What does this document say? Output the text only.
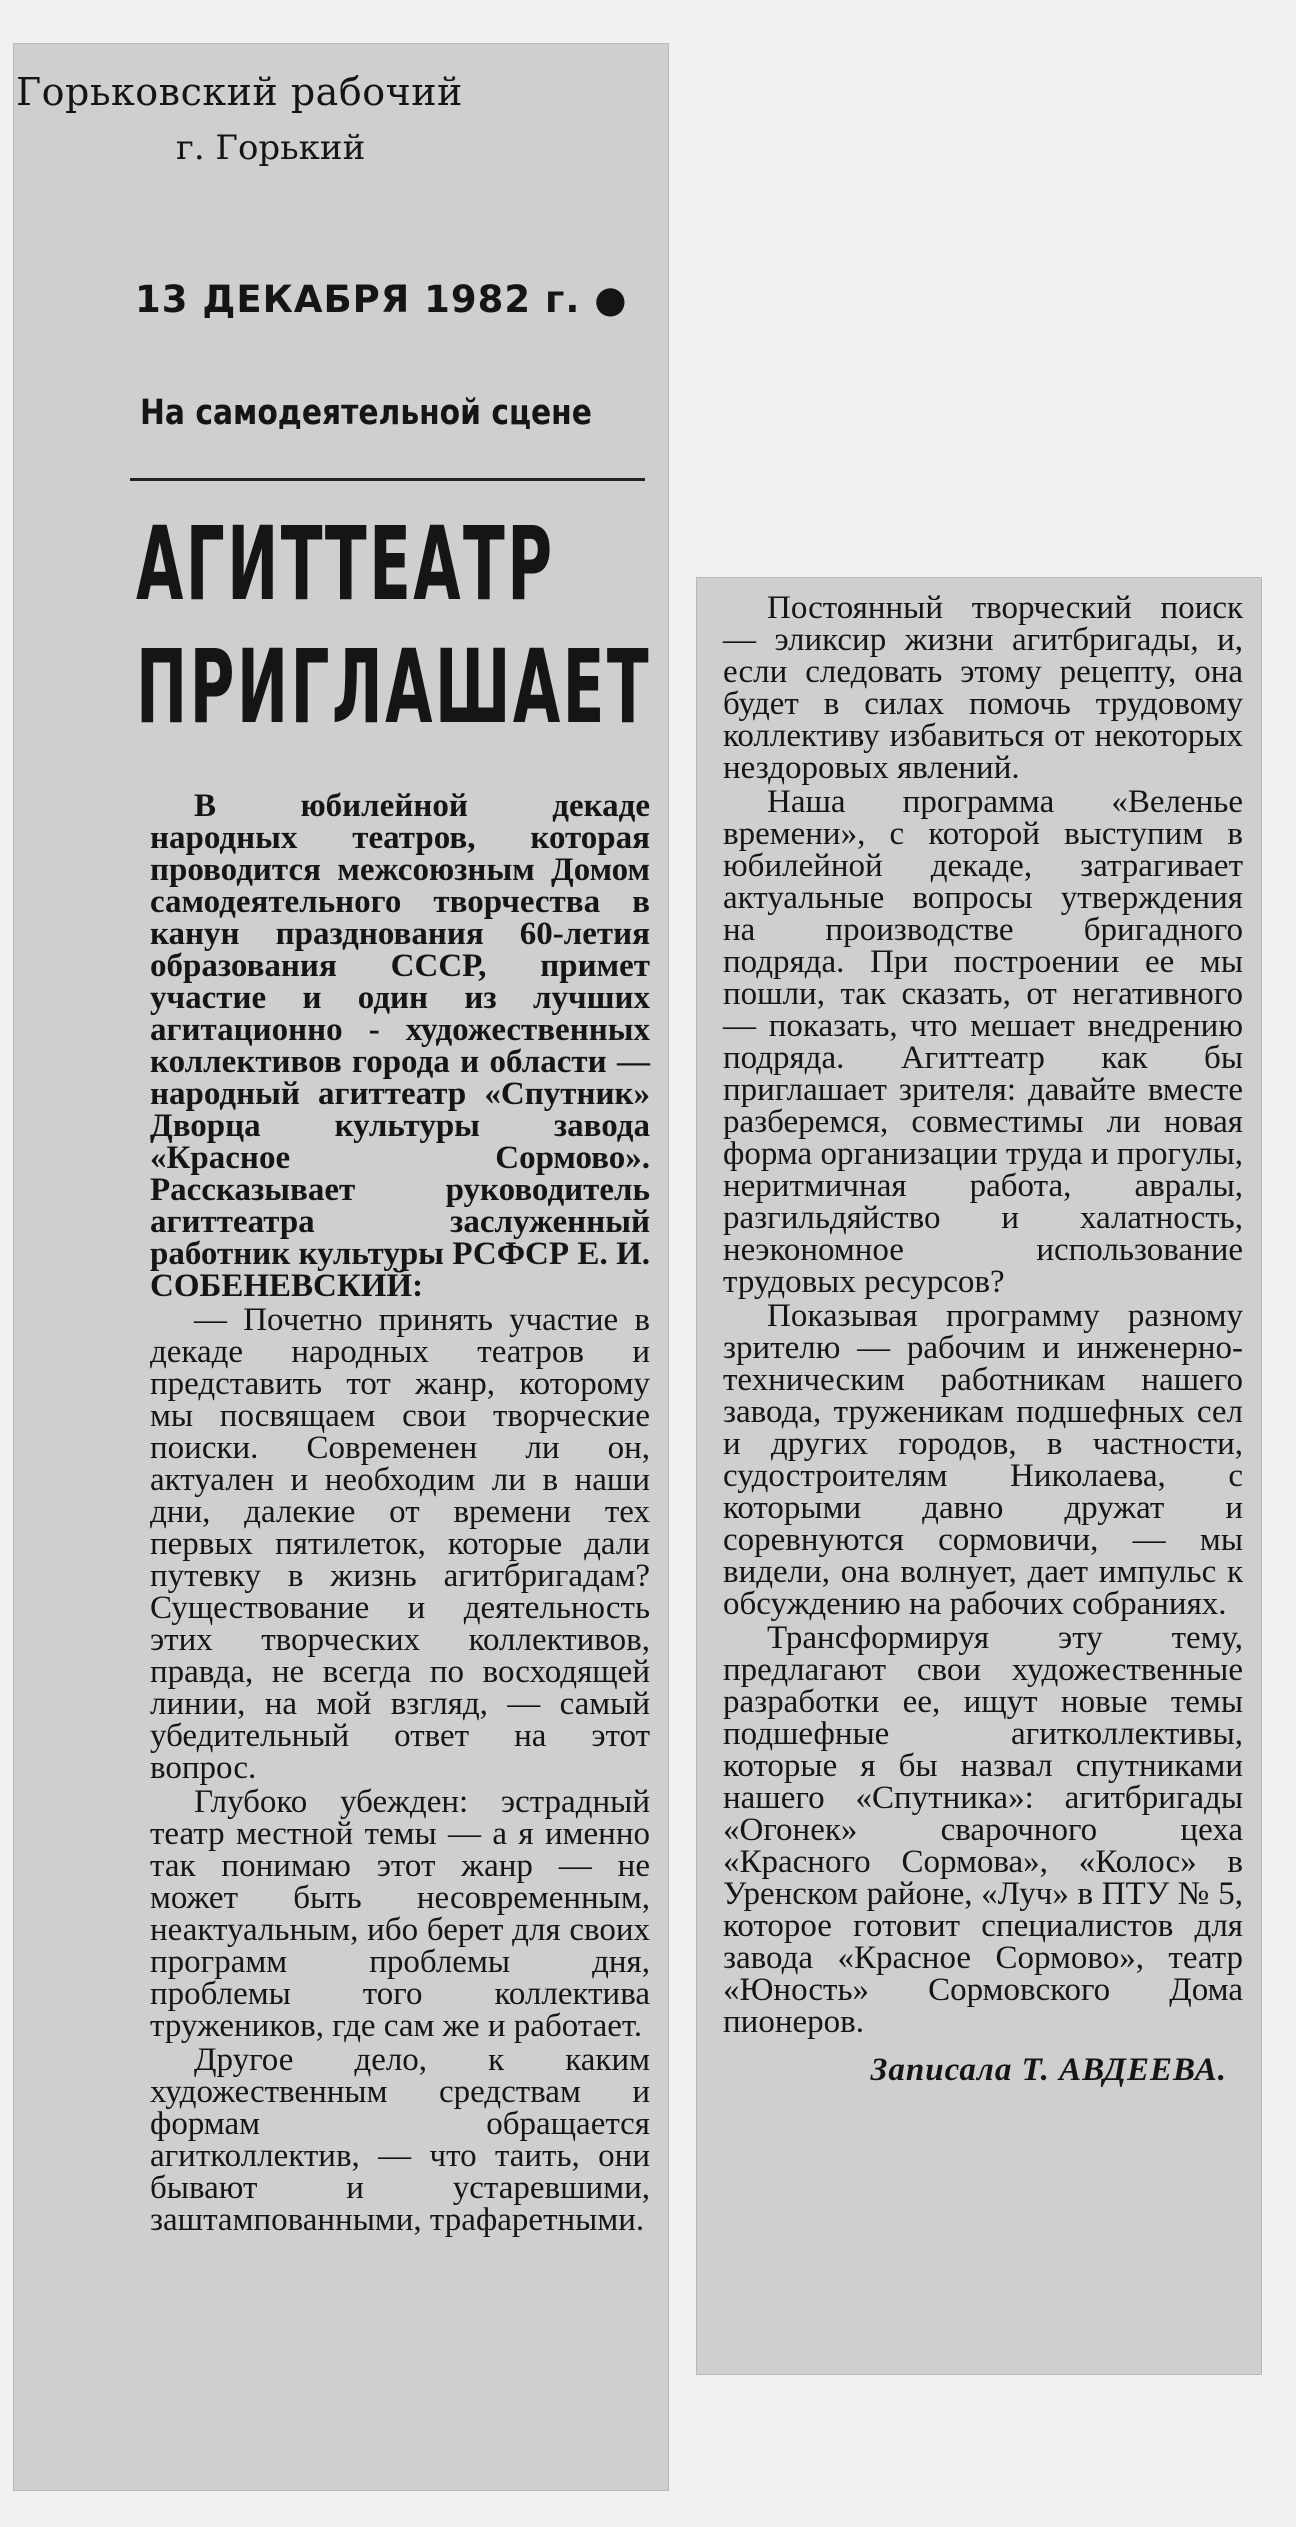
Горьковский рабочий
г. Горький
13 ДЕКАБРЯ 1982 г. ●
На самодеятельной сцене
АГИТТЕАТР
ПРИГЛАШАЕТ

В юбилейной декаде народных театров, которая проводится межсоюзным Домом самодеятельного творчества в канун празднования 60-летия образования СССР, примет участие и один из лучших агитационно - художественных коллективов города и области — народный агиттеатр «Спутник» Дворца культуры завода «Красное Сормово». Рассказывает руководитель агиттеатра заслуженный работник культуры РСФСР Е. И. СОБЕНЕВСКИЙ:

— Почетно принять участие в декаде народных театров и представить тот жанр, которому мы посвящаем свои творческие поиски. Современен ли он, актуален и необходим ли в наши дни, далекие от времени тех первых пятилеток, которые дали путевку в жизнь агитбригадам? Существование и деятельность этих творческих коллективов, правда, не всегда по восходящей линии, на мой взгляд, — самый убедительный ответ на этот вопрос.

Глубоко убежден: эстрадный театр местной темы — а я именно так понимаю этот жанр — не может быть несовременным, неактуальным, ибо берет для своих программ проблемы дня, проблемы того коллектива тружеников, где сам же и работает.

Другое дело, к каким художественным средствам и формам обращается агитколлектив, — что таить, они бывают и устаревшими, заштампованными, трафаретными.

Постоянный творческий поиск — эликсир жизни агитбригады, и, если следовать этому рецепту, она будет в силах помочь трудовому коллективу избавиться от некоторых нездоровых явлений.

Наша программа «Веленье времени», с которой выступим в юбилейной декаде, затрагивает актуальные вопросы утверждения на производстве бригадного подряда. При построении ее мы пошли, так сказать, от негативного — показать, что мешает внедрению подряда. Агиттеатр как бы приглашает зрителя: давайте вместе разберемся, совместимы ли новая форма организации труда и прогулы, неритмичная работа, авралы, разгильдяйство и халатность, неэкономное использование трудовых ресурсов?

Показывая программу разному зрителю — рабочим и инженерно-техническим работникам нашего завода, труженикам подшефных сел и других городов, в частности, судостроителям Николаева, с которыми давно дружат и соревнуются сормовичи, — мы видели, она волнует, дает импульс к обсуждению на рабочих собраниях.

Трансформируя эту тему, предлагают свои художественные разработки ее, ищут новые темы подшефные агитколлективы, которые я бы назвал спутниками нашего «Спутника»: агитбригады «Огонек» сварочного цеха «Красного Сормова», «Колос» в Уренском районе, «Луч» в ПТУ № 5, которое готовит специалистов для завода «Красное Сормово», театр «Юность» Сормовского Дома пионеров.

Записала Т. АВДЕЕВА.
